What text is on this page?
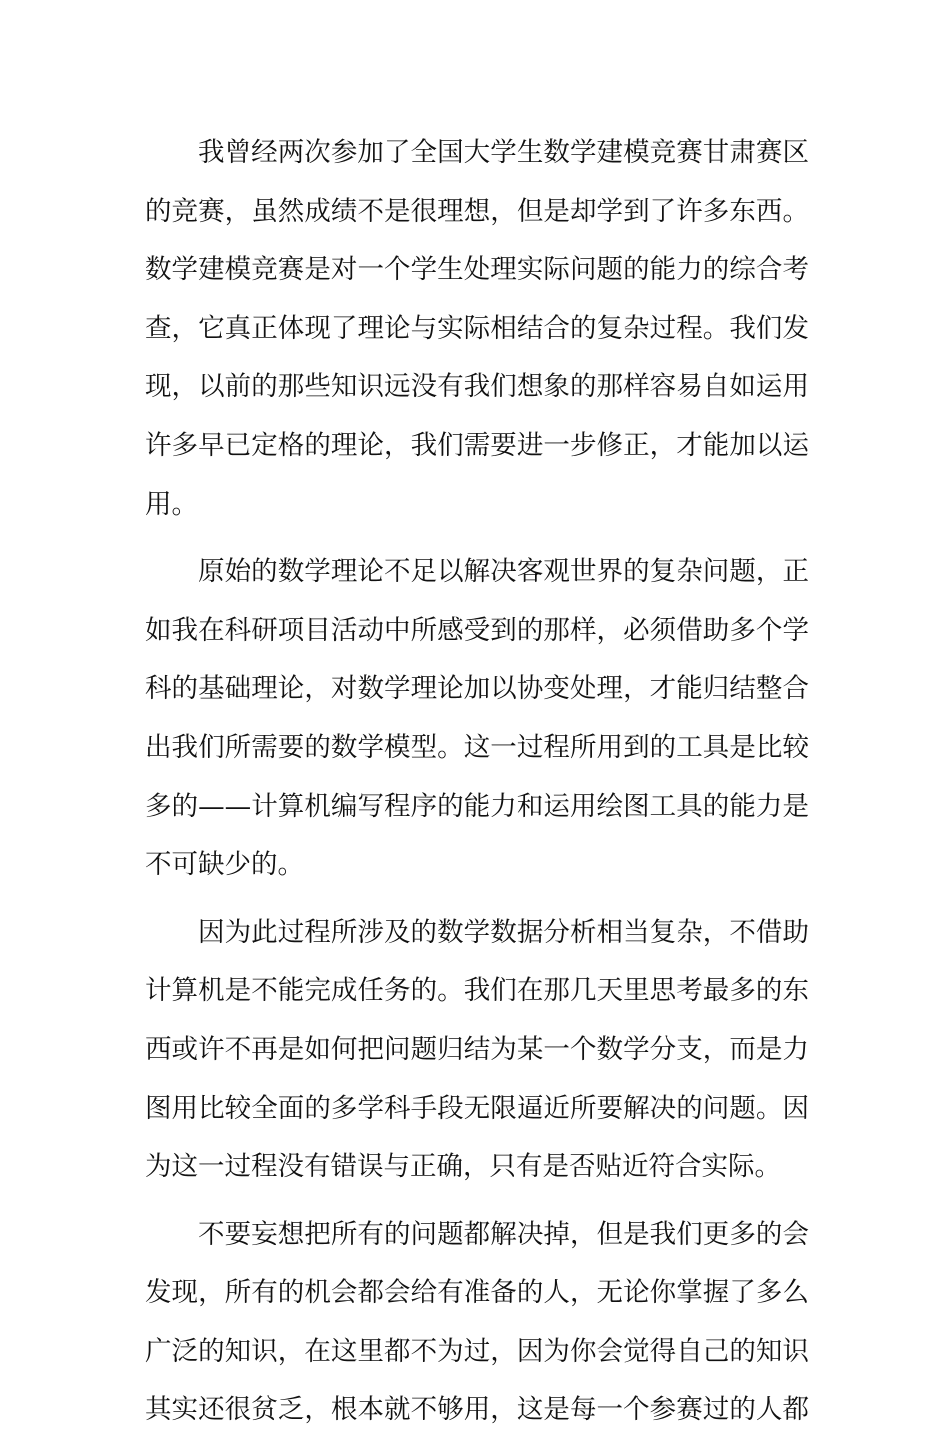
我曾经两次参加了全国大学生数学建模竞赛甘肃赛区
的竞赛，虽然成绩不是很理想，但是却学到了许多东西。
数学建模竞赛是对一个学生处理实际问题的能力的综合考
查，它真正体现了理论与实际相结合的复杂过程。我们发
现，以前的那些知识远没有我们想象的那样容易自如运用
许多早已定格的理论，我们需要进一步修正，才能加以运
用。

原始的数学理论不足以解决客观世界的复杂问题，正
如我在科研项目活动中所感受到的那样，必须借助多个学
科的基础理论，对数学理论加以协变处理，才能归结整合
出我们所需要的数学模型。这一过程所用到的工具是比较
多的——计算机编写程序的能力和运用绘图工具的能力是
不可缺少的。

因为此过程所涉及的数学数据分析相当复杂，不借助
计算机是不能完成任务的。我们在那几天里思考最多的东
西或许不再是如何把问题归结为某一个数学分支，而是力
图用比较全面的多学科手段无限逼近所要解决的问题。因
为这一过程没有错误与正确，只有是否贴近符合实际。

不要妄想把所有的问题都解决掉，但是我们更多的会
发现，所有的机会都会给有准备的人，无论你掌握了多么
广泛的知识，在这里都不为过，因为你会觉得自己的知识
其实还很贫乏，根本就不够用，这是每一个参赛过的人都
